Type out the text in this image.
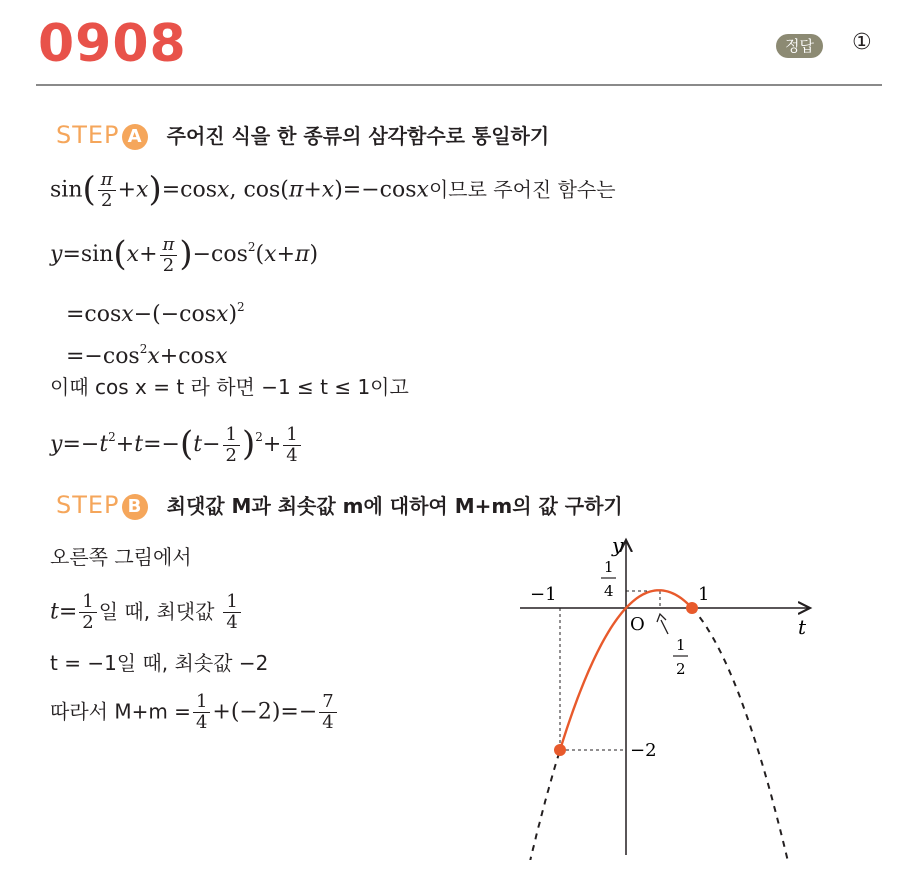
0908	정답	①
STEP A 주어진 식을 한 종류의 삼각함수로 통일하기
$\sin( \frac{\pi}{2} +x)=\cos x$, cos(π+x)=−cosx이므로 주어진 함수는
$y=\sin(x+ \frac{\pi}{2} )-\cos^2(x+\pi)$
$=\cos x-(-\cos x)^2$
$=-\cos^2x+\cos x$
이때 cos x = t 라 하면 −1 ≤ t ≤ 1이고
$y=-t^2+t=-(t- \frac{1}{2} )^2+ \frac{1}{4}$
STEP B 최댓값 M과 최솟값 m에 대하여 M+m의 값 구하기
오른쪽 그림에서
$t= \frac{1}{2}$ 일 때, 최댓값 $\frac{1}{4}$
t = −1일 때, 최솟값 −2
따라서 $M+m = \frac{1}{4} +(-2)=- \frac{7}{4}$
y
t
O
−1	1
−2
1
4
1
2
